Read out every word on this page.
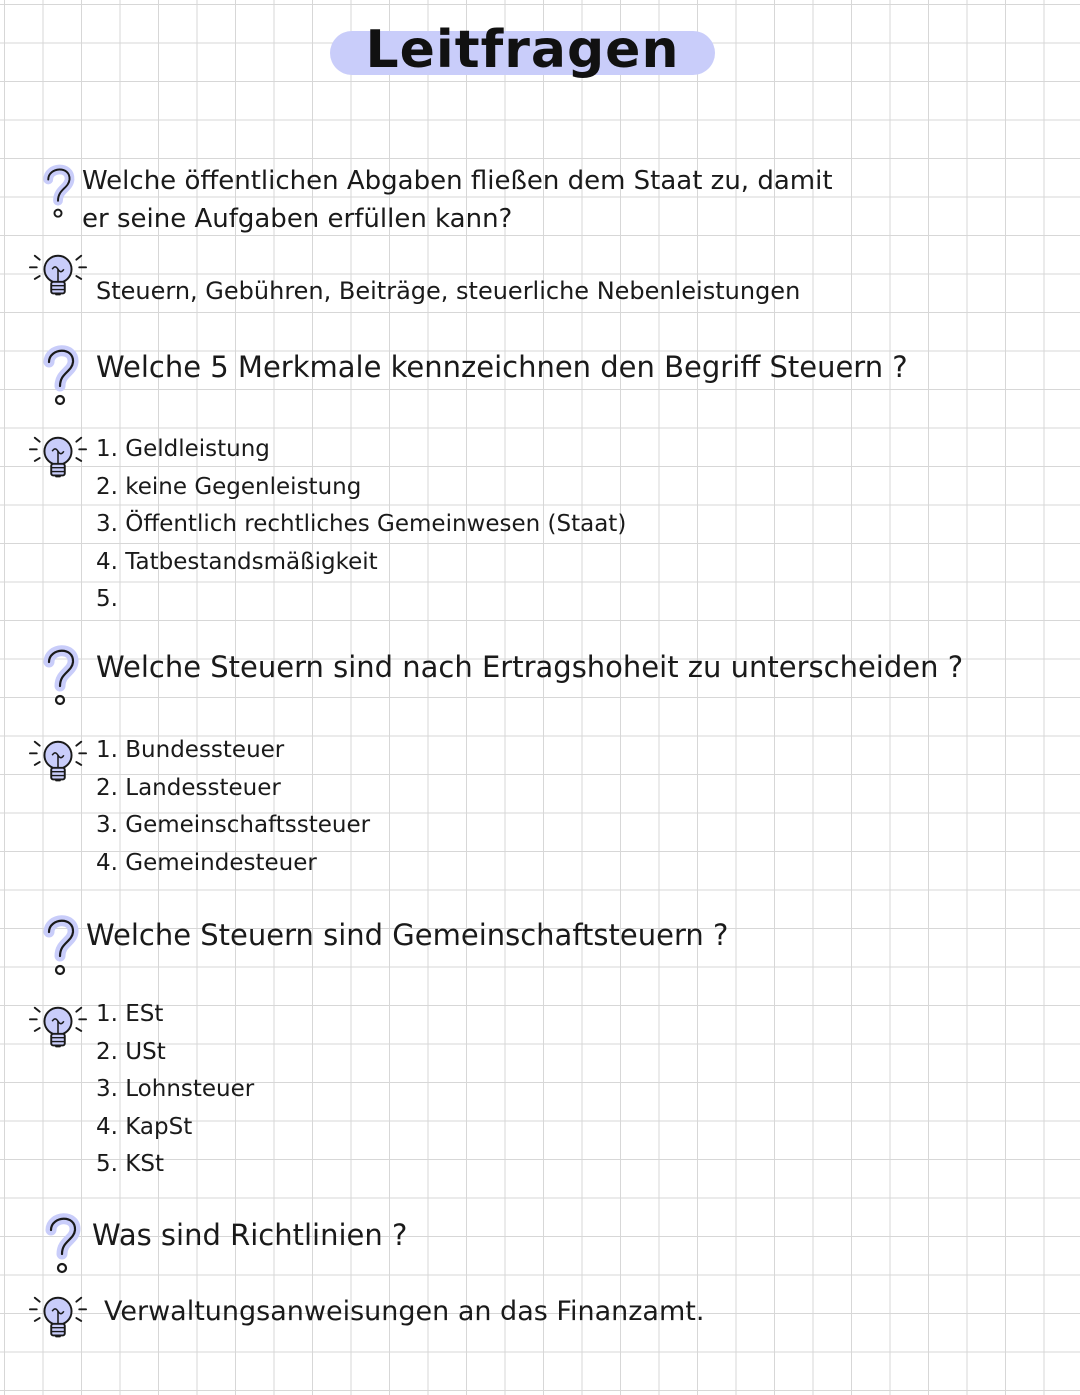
Leitfragen
Welche öffentlichen Abgaben fließen dem Staat zu, damit
er seine Aufgaben erfüllen kann?
Steuern, Gebühren, Beiträge, steuerliche Nebenleistungen
Welche 5 Merkmale kennzeichnen den Begriff Steuern ?
1. Geldleistung
2. keine Gegenleistung
3. Öffentlich rechtliches Gemeinwesen (Staat)
4. Tatbestandsmäßigkeit
5.
Welche Steuern sind nach Ertragshoheit zu unterscheiden ?
1. Bundessteuer
2. Landessteuer
3. Gemeinschaftssteuer
4. Gemeindesteuer
Welche Steuern sind Gemeinschaftsteuern ?
1. ESt
2. USt
3. Lohnsteuer
4. KapSt
5. KSt
Was sind Richtlinien ?
Verwaltungsanweisungen an das Finanzamt.
